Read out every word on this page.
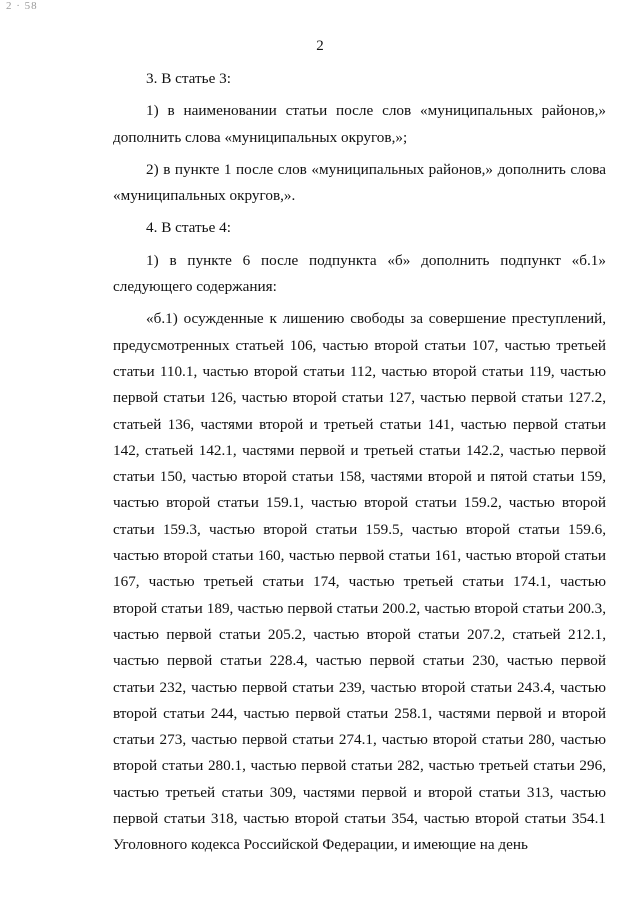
2 · 58
2

3. В статье 3:

1) в наименовании статьи после слов «муниципальных районов,» дополнить слова «муниципальных округов,»;

2) в пункте 1 после слов «муниципальных районов,» дополнить слова «муниципальных округов,».

4. В статье 4:

1) в пункте 6 после подпункта «б» дополнить подпункт «б.1» следующего содержания:

«б.1) осужденные к лишению свободы за совершение преступлений, предусмотренных статьей 106, частью второй статьи 107, частью третьей статьи 110.1, частью второй статьи 112, частью второй статьи 119, частью первой статьи 126, частью второй статьи 127, частью первой статьи 127.2, статьей 136, частями второй и третьей статьи 141, частью первой статьи 142, статьей 142.1, частями первой и третьей статьи 142.2, частью первой статьи 150, частью второй статьи 158, частями второй и пятой статьи 159, частью второй статьи 159.1, частью второй статьи 159.2, частью второй статьи 159.3, частью второй статьи 159.5, частью второй статьи 159.6, частью второй статьи 160, частью первой статьи 161, частью второй статьи 167, частью третьей статьи 174, частью третьей статьи 174.1, частью второй статьи 189, частью первой статьи 200.2, частью второй статьи 200.3, частью первой статьи 205.2, частью второй статьи 207.2, статьей 212.1, частью первой статьи 228.4, частью первой статьи 230, частью первой статьи 232, частью первой статьи 239, частью второй статьи 243.4, частью второй статьи 244, частью первой статьи 258.1, частями первой и второй статьи 273, частью первой статьи 274.1, частью второй статьи 280, частью второй статьи 280.1, частью первой статьи 282, частью третьей статьи 296, частью третьей статьи 309, частями первой и второй статьи 313, частью первой статьи 318, частью второй статьи 354, частью второй статьи 354.1 Уголовного кодекса Российской Федерации, и имеющие на день
